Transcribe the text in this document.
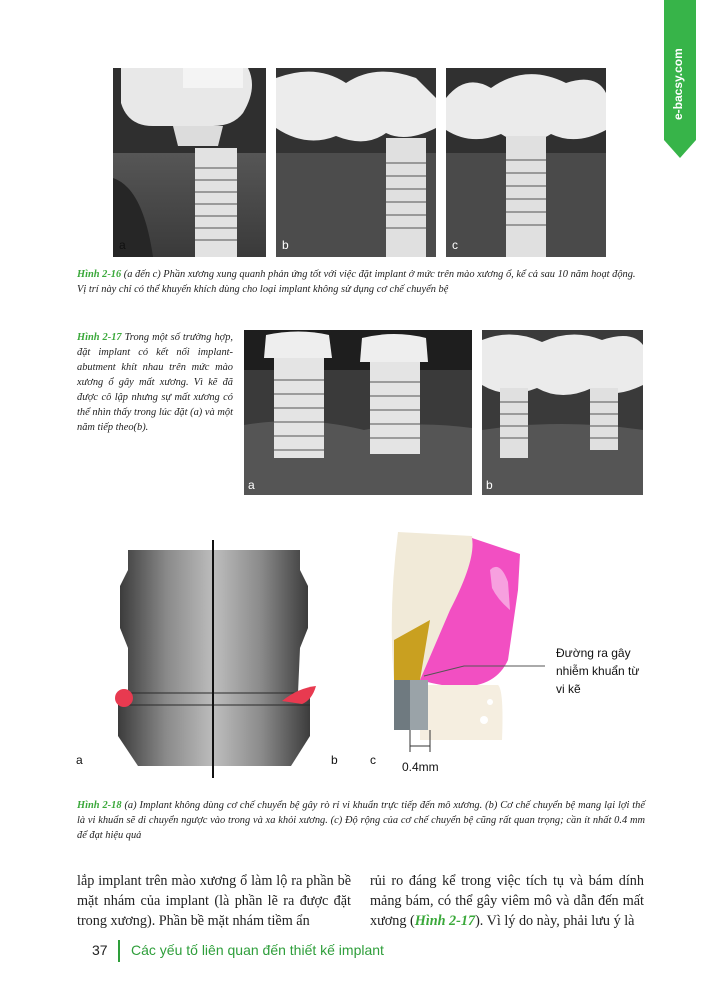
e-bacsy.com
a	b	c
Hình 2-16 (a đến c) Phần xương xung quanh phản ứng tốt với việc đặt implant ở mức trên mào xương ổ, kể cả sau 10 năm hoạt động. Vị trí này chỉ có thể khuyến khích dùng cho loại implant không sử dụng cơ chế chuyển bệ
Hình 2-17 Trong một số trường hợp, đặt implant có kết nối implant-abutment khít nhau trên mức mào xương ổ gây mất xương. Vì kẽ đã được cô lập nhưng sự mất xương có thể nhìn thấy trong lúc đặt (a) và một năm tiếp theo(b).
a	b
a	b	c
Đường ra gây nhiễm khuẩn từ vi kẽ
0.4mm
Hình 2-18 (a) Implant không dùng cơ chế chuyển bệ gây rò rỉ vi khuẩn trực tiếp đến mô xương. (b) Cơ chế chuyển bệ mang lại lợi thế là vi khuẩn sẽ di chuyển ngược vào trong và xa khỏi xương. (c) Độ rộng của cơ chế chuyển bệ cũng rất quan trọng; cần ít nhất 0.4 mm để đạt hiệu quả
lắp implant trên mào xương ổ làm lộ ra phần bề mặt nhám của implant (là phần lẽ ra được đặt trong xương). Phần bề mặt nhám tiềm ẩn
rủi ro đáng kể trong việc tích tụ và bám dính mảng bám, có thể gây viêm mô và dẫn đến mất xương (Hình 2-17). Vì lý do này, phải lưu ý là
37 Các yếu tố liên quan đến thiết kế implant
